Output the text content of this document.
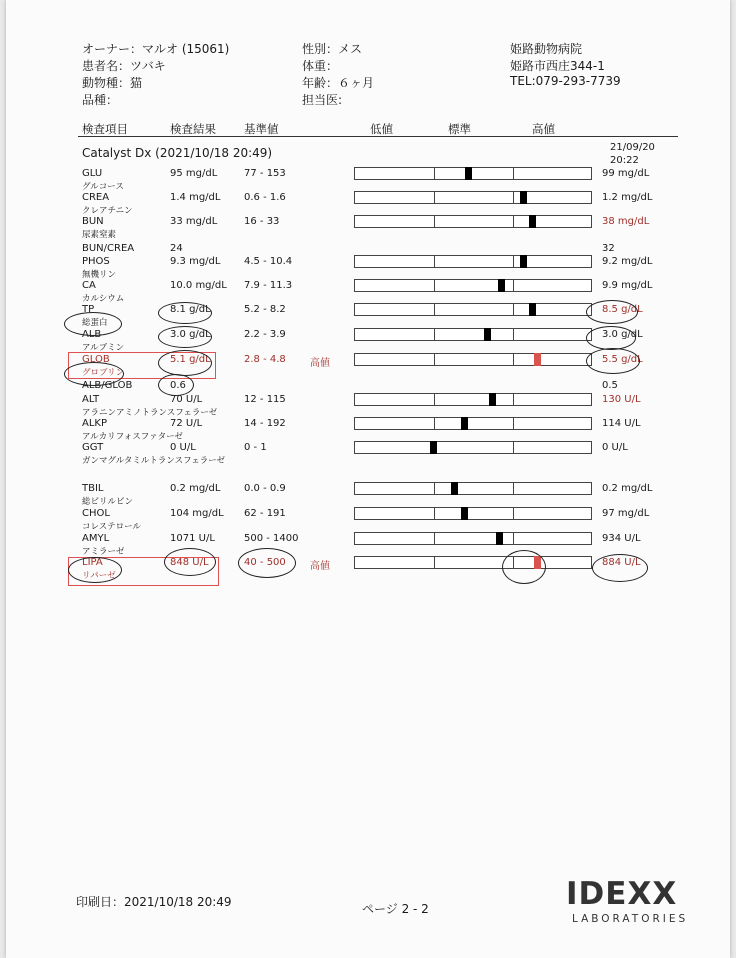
オーナー：マルオ (15061)
患者名：ツバキ
動物種：猫
品種：
性別：メス
体重：
年齢：６ヶ月
担当医:
姫路動物病院
姫路市西庄344-1
TEL:079-293-7739
検査項目	検査結果 基準値	低値	標準	高値
Catalyst Dx (2021/10/18 20:49)	21/09/20
20:22
GLU
グルコース
95 mg/dL	77 - 153	99 mg/dL
CREA
クレアチニン
1.4 mg/dL 0.6 - 1.6	1.2 mg/dL
BUN
尿素窒素
33 mg/dL	16 - 33	38 mg/dL
BUN/CREA	24	32
PHOS
無機リン
9.3 mg/dL 4.5 - 10.4	9.2 mg/dL
CA
カルシウム
10.0 mg/dL 7.9 - 11.3	9.9 mg/dL
TP
総蛋白
8.1 g/dL	5.2 - 8.2	8.5 g/dL
ALB
アルブミン
3.0 g/dL	2.2 - 3.9	3.0 g/dL
GLOB
グロブリン
5.1 g/dL	2.8 - 4.8 高値	5.5 g/dL
ALB/GLOB	0.6	0.5
ALT
アラニンアミノトランスフェラーゼ
70 U/L	12 - 115	130 U/L
ALKP
アルカリフォスファターゼ
72 U/L	14 - 192	114 U/L
GGT
ガンマグルタミルトランスフェラーゼ
0 U/L	0 - 1	0 U/L
TBIL
総ビリルビン
0.2 mg/dL 0.0 - 0.9	0.2 mg/dL
CHOL
コレステロール
104 mg/dL 62 - 191	97 mg/dL
AMYL
アミラーゼ
1071 U/L	500 - 1400	934 U/L
LIPA
リパーゼ
848 U/L	40 - 500 高値	884 U/L
印刷日：2021/10/18 20:49	ページ 2 - 2	IDEXX
LABORATORIES
